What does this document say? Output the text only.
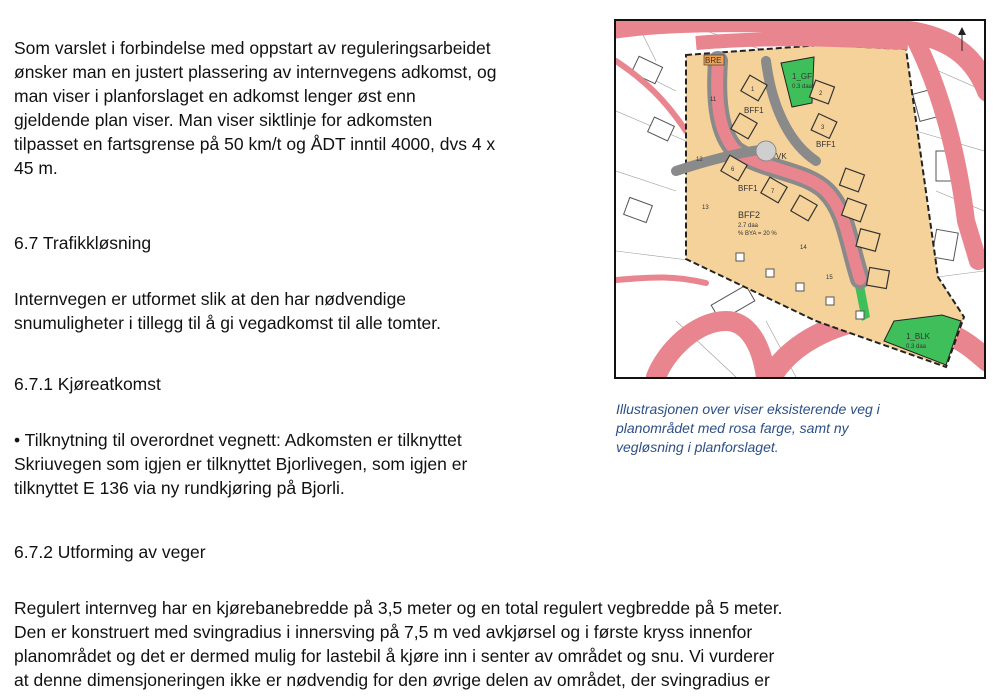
Som varslet i forbindelse med oppstart av reguleringsarbeidet
ønsker man en justert plassering av internvegens adkomst, og
man viser i planforslaget en adkomst lenger øst enn
gjeldende plan viser. Man viser siktlinje for adkomsten
tilpasset en fartsgrense på 50 km/t og ÅDT inntil 4000, dvs 4 x
45 m.
6.7 Trafikkløsning
Internvegen er utformet slik at den har nødvendige
snumuligheter i tillegg til å gi vegadkomst til alle tomter.
6.7.1 Kjøreatkomst
• Tilknytning til overordnet vegnett: Adkomsten er tilknyttet
Skriuvegen som igjen er tilknyttet Bjorlivegen, som igjen er
tilknyttet E 136 via ny rundkjøring på Bjorli.
6.7.2 Utforming av veger
Regulert internveg har en kjørebanebredde på 3,5 meter og en total regulert vegbredde på 5 meter.
Den er konstruert med svingradius i innersving på 7,5 m ved avkjørsel og i første kryss innenfor
planområdet og det er dermed mulig for lastebil å kjøre inn i senter av området og snu. Vi vurderer
at denne dimensjoneringen ikke er nødvendig for den øvrige delen av området, der svingradius er
BRE
1_GF
0.3 daa
BFF1
BFF1
BFF1
BFF2
2.7 daa
% BYA = 20 %
VK
1_BLK
0.3 daa
11
12
13
14
15
1
2
3
6
7
Illustrasjonen over viser eksisterende veg i
planområdet med rosa farge, samt ny
vegløsning i planforslaget.
